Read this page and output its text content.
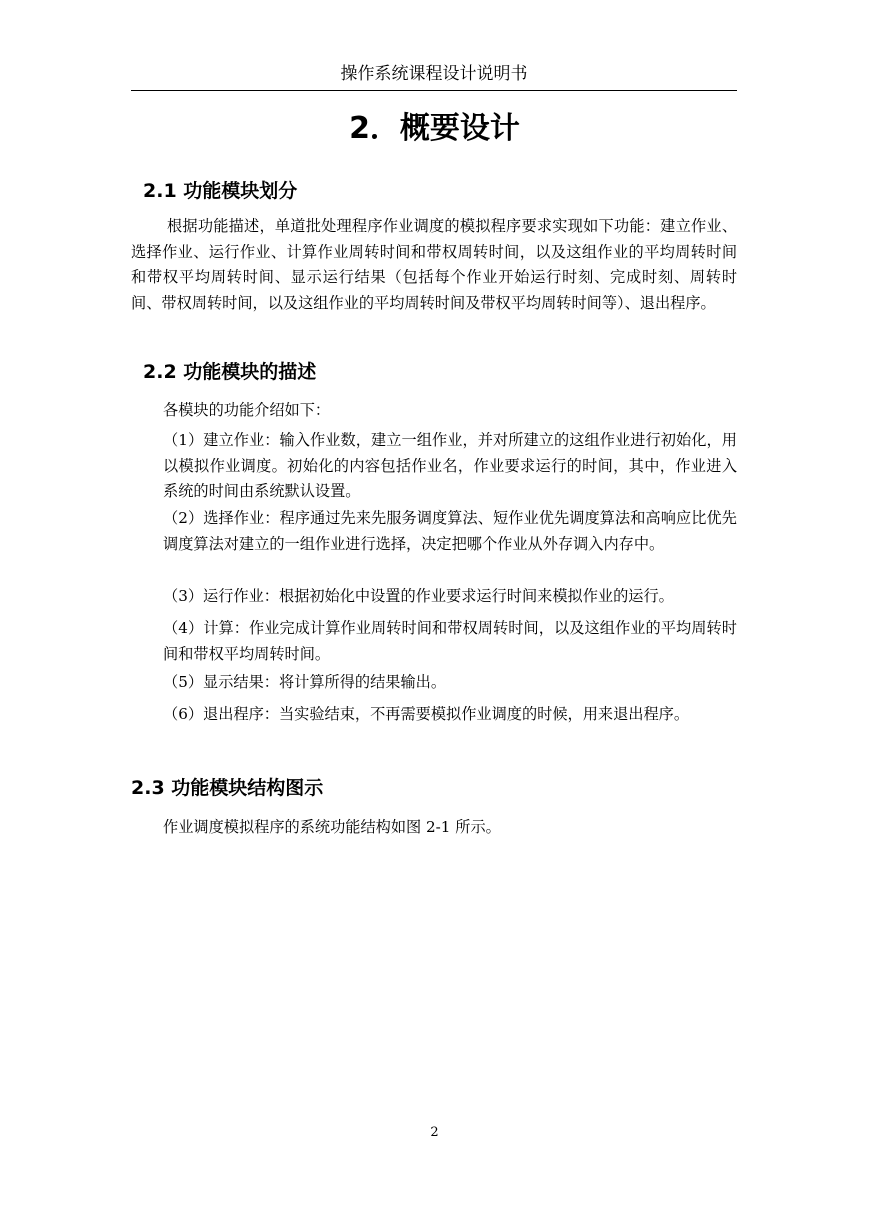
操作系统课程设计说明书
2．概要设计
2.1 功能模块划分

根据功能描述，单道批处理程序作业调度的模拟程序要求实现如下功能：建立作业、选择作业、运行作业、计算作业周转时间和带权周转时间，以及这组作业的平均周转时间和带权平均周转时间、显示运行结果（包括每个作业开始运行时刻、完成时刻、周转时间、带权周转时间，以及这组作业的平均周转时间及带权平均周转时间等）、退出程序。

2.2 功能模块的描述

各模块的功能介绍如下：

（1）建立作业：输入作业数，建立一组作业，并对所建立的这组作业进行初始化，用以模拟作业调度。初始化的内容包括作业名，作业要求运行的时间，其中，作业进入系统的时间由系统默认设置。

（2）选择作业：程序通过先来先服务调度算法、短作业优先调度算法和高响应比优先调度算法对建立的一组作业进行选择，决定把哪个作业从外存调入内存中。

（3）运行作业：根据初始化中设置的作业要求运行时间来模拟作业的运行。

（4）计算：作业完成计算作业周转时间和带权周转时间，以及这组作业的平均周转时间和带权平均周转时间。

（5）显示结果：将计算所得的结果输出。

（6）退出程序：当实验结束，不再需要模拟作业调度的时候，用来退出程序。

2.3 功能模块结构图示

作业调度模拟程序的系统功能结构如图 2-1 所示。

2
